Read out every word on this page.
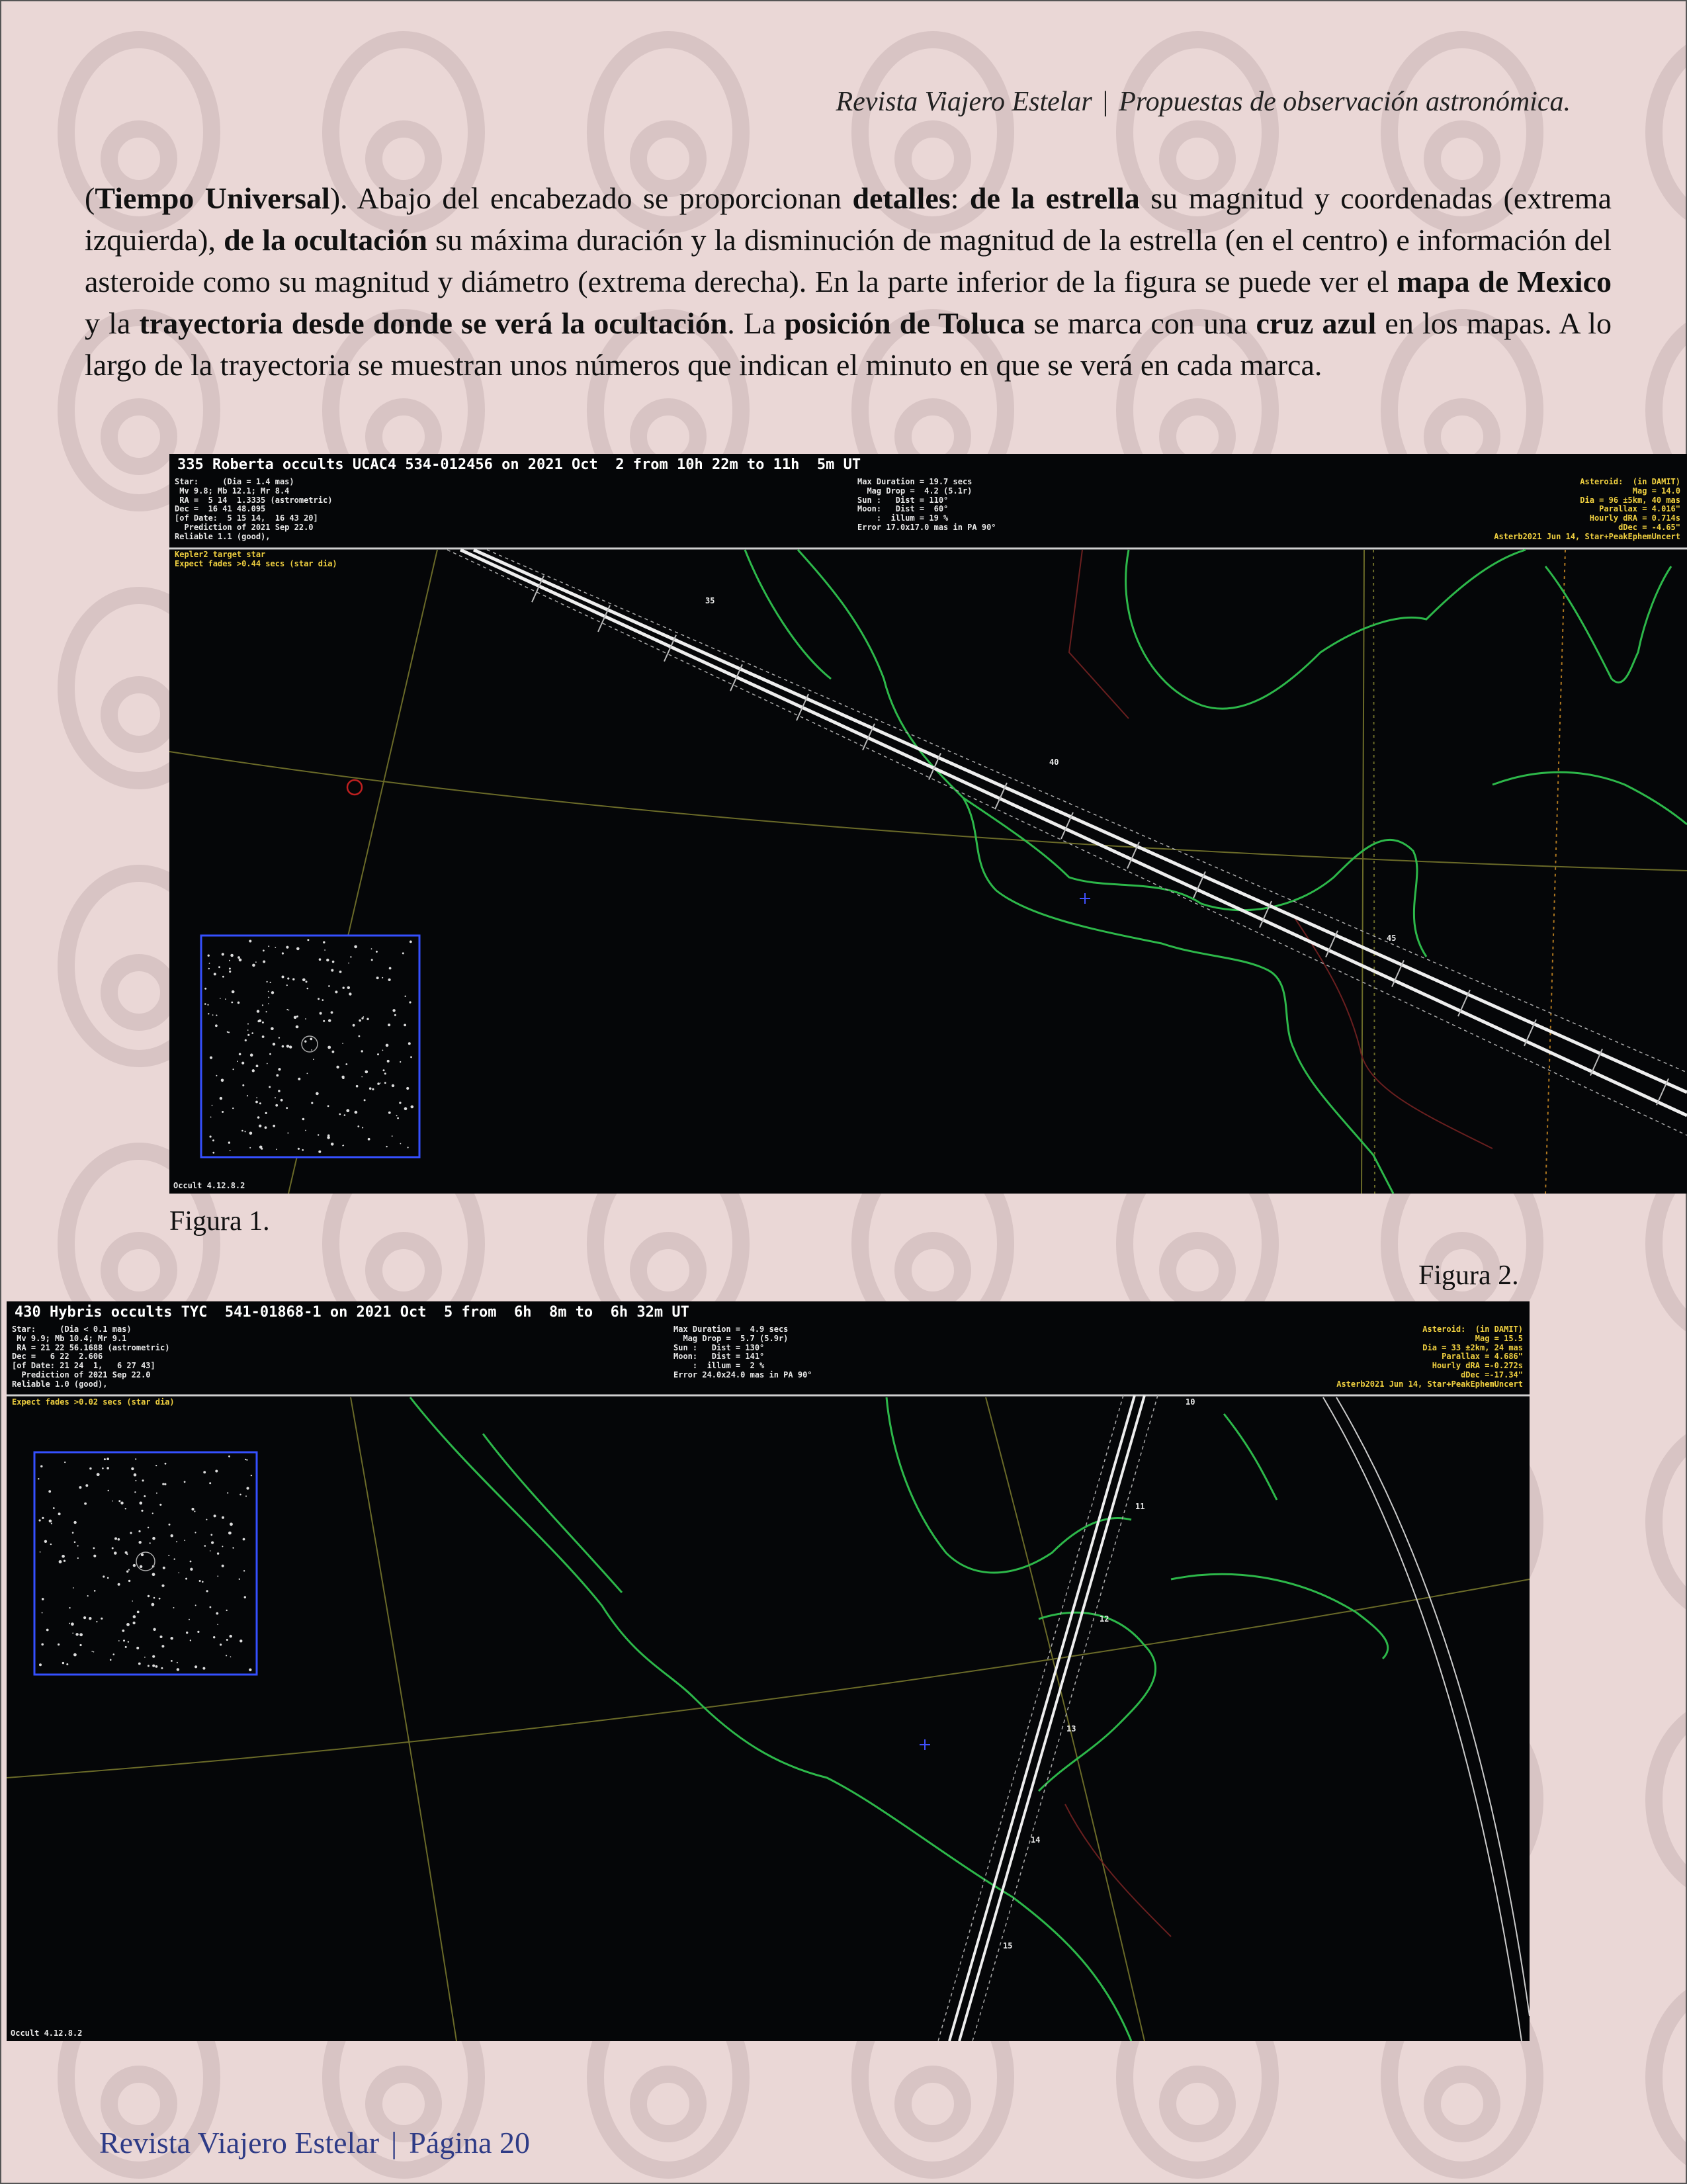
Revista Viajero Estelar | Propuestas de observación astronómica.
(Tiempo Universal). Abajo del encabezado se proporcionan detalles: de la estrella su magnitud y coordenadas (extrema izquierda), de la ocultación su máxima duración y la disminución de magnitud de la estrella (en el centro) e información del asteroide como su magnitud y diámetro (extrema derecha). En la parte inferior de la figura se puede ver el mapa de Mexico y la trayectoria desde donde se verá la ocultación. La posición de Toluca se marca con una cruz azul en los mapas. A lo largo de la trayectoria se muestran unos números que indican el minuto en que se verá en cada marca.
335 Roberta occults UCAC4 534-012456 on 2021 Oct  2 from 10h 22m to 11h  5m UT
Star:     (Dia = 1.4 mas)
Mv 9.8; Mb 12.1; Mr 8.4
RA =  5 14  1.3335 (astrometric)
Dec =  16 41 48.095
[of Date:  5 15 14,  16 43 20]
Prediction of 2021 Sep 22.0
Reliable 1.1 (good),
Max Duration = 19.7 secs
Mag Drop =  4.2 (5.1r)
Sun :   Dist = 110°
Moon:   Dist =  60°
:  illum = 19 %
Error 17.0x17.0 mas in PA 90°
Asteroid:  (in DAMIT)
Mag = 14.0
Dia = 96 ±5km, 40 mas
Parallax = 4.016"
Hourly dRA = 0.714s
dDec = -4.65"
Asterb2021 Jun 14, Star+PeakEphemUncert
Kepler2 target star
Expect fades >0.44 secs (star dia)
Occult 4.12.8.2
35
40
45
Figura 1.
Figura 2.
430 Hybris occults TYC  541-01868-1 on 2021 Oct  5 from  6h  8m to  6h 32m UT
Star:     (Dia < 0.1 mas)
Mv 9.9; Mb 10.4; Mr 9.1
RA = 21 22 56.1688 (astrometric)
Dec =   6 22  2.606
[of Date: 21 24  1,   6 27 43]
Prediction of 2021 Sep 22.0
Reliable 1.0 (good),
Max Duration =  4.9 secs
Mag Drop =  5.7 (5.9r)
Sun :   Dist = 130°
Moon:   Dist = 141°
:  illum =  2 %
Error 24.0x24.0 mas in PA 90°
Asteroid:  (in DAMIT)
Mag = 15.5
Dia = 33 ±2km, 24 mas
Parallax = 4.686"
Hourly dRA =-0.272s
dDec =-17.34"
Asterb2021 Jun 14, Star+PeakEphemUncert
Expect fades >0.02 secs (star dia)
Occult 4.12.8.2
10
11
12
13
14
15
Revista Viajero Estelar | Página 20
